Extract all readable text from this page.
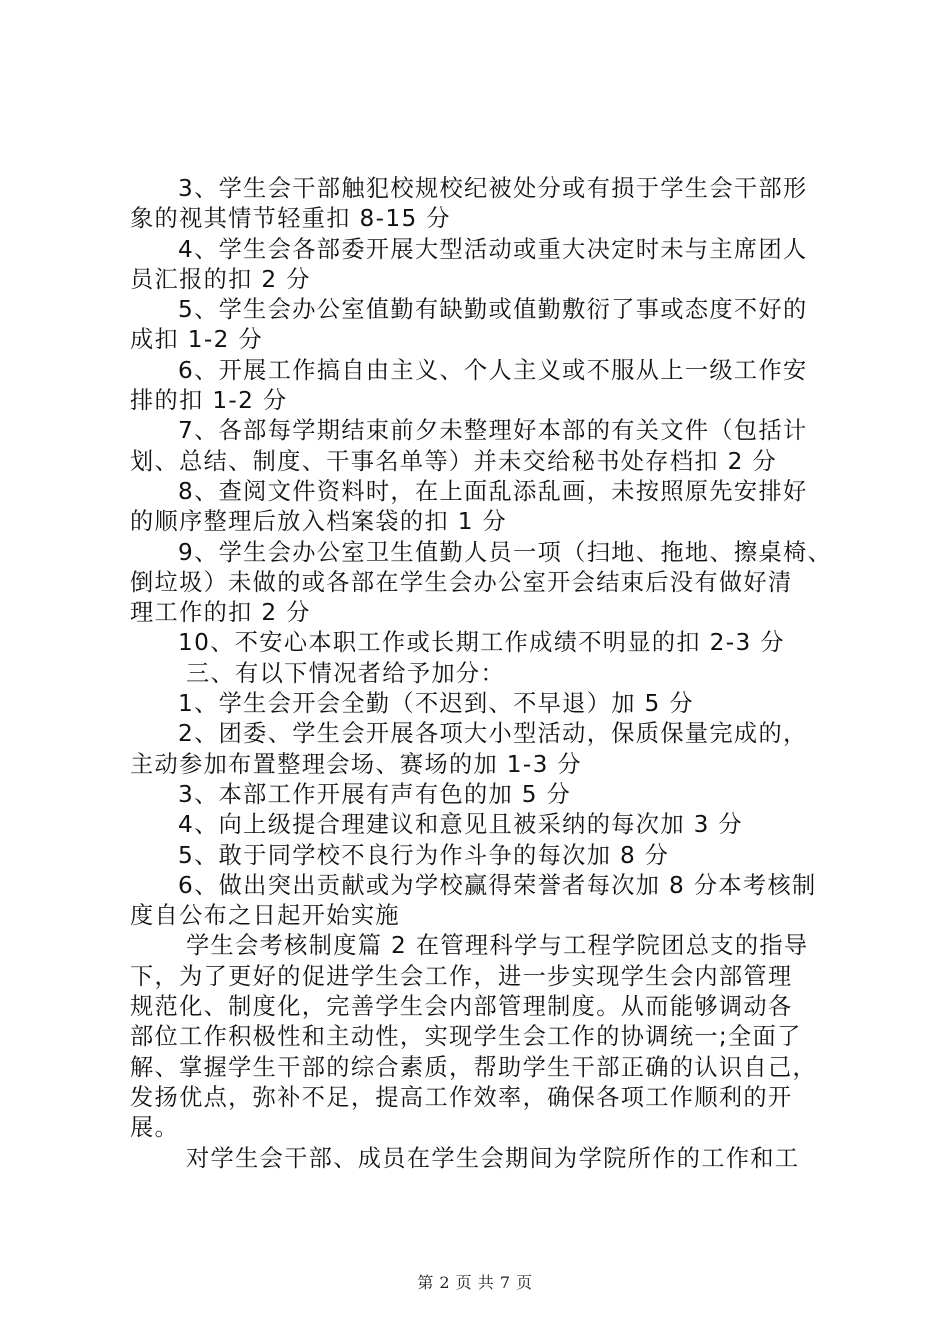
3、学生会干部触犯校规校纪被处分或有损于学生会干部形
象的视其情节轻重扣 8-15 分
4、学生会各部委开展大型活动或重大决定时未与主席团人
员汇报的扣 2 分
5、学生会办公室值勤有缺勤或值勤敷衍了事或态度不好的
成扣 1-2 分
6、开展工作搞自由主义、个人主义或不服从上一级工作安
排的扣 1-2 分
7、各部每学期结束前夕未整理好本部的有关文件（包括计
划、总结、制度、干事名单等）并未交给秘书处存档扣 2 分
8、查阅文件资料时，在上面乱添乱画，未按照原先安排好
的顺序整理后放入档案袋的扣 1 分
9、学生会办公室卫生值勤人员一项（扫地、拖地、擦桌椅、
倒垃圾）未做的或各部在学生会办公室开会结束后没有做好清
理工作的扣 2 分
10、不安心本职工作或长期工作成绩不明显的扣 2-3 分
三、有以下情况者给予加分：
1、学生会开会全勤（不迟到、不早退）加 5 分
2、团委、学生会开展各项大小型活动，保质保量完成的，
主动参加布置整理会场、赛场的加 1-3 分
3、本部工作开展有声有色的加 5 分
4、向上级提合理建议和意见且被采纳的每次加 3 分
5、敢于同学校不良行为作斗争的每次加 8 分
6、做出突出贡献或为学校赢得荣誉者每次加 8 分本考核制
度自公布之日起开始实施
学生会考核制度篇 2 在管理科学与工程学院团总支的指导
下，为了更好的促进学生会工作，进一步实现学生会内部管理
规范化、制度化，完善学生会内部管理制度。从而能够调动各
部位工作积极性和主动性，实现学生会工作的协调统一;全面了
解、掌握学生干部的综合素质，帮助学生干部正确的认识自己，
发扬优点，弥补不足，提高工作效率，确保各项工作顺利的开
展。
对学生会干部、成员在学生会期间为学院所作的工作和工
第 2 页 共 7 页
